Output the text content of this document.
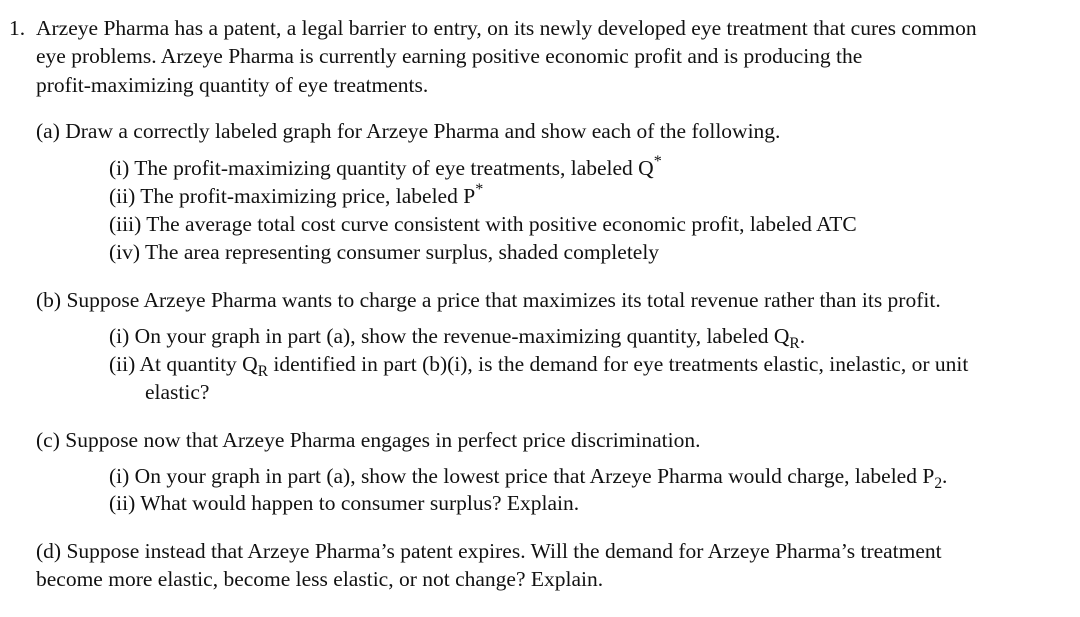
1. Arzeye Pharma has a patent, a legal barrier to entry, on its newly developed eye treatment that cures common
eye problems. Arzeye Pharma is currently earning positive economic profit and is producing the
profit-maximizing quantity of eye treatments.
(a) Draw a correctly labeled graph for Arzeye Pharma and show each of the following.
(i) The profit-maximizing quantity of eye treatments, labeled Q*
(ii) The profit-maximizing price, labeled P*
(iii) The average total cost curve consistent with positive economic profit, labeled ATC
(iv) The area representing consumer surplus, shaded completely
(b) Suppose Arzeye Pharma wants to charge a price that maximizes its total revenue rather than its profit.
(i) On your graph in part (a), show the revenue-maximizing quantity, labeled $Q_R$.
(ii) At quantity $Q_R$ identified in part (b)(i), is the demand for eye treatments elastic, inelastic, or unit
elastic?
(c) Suppose now that Arzeye Pharma engages in perfect price discrimination.
(i) On your graph in part (a), show the lowest price that Arzeye Pharma would charge, labeled $P_2$.
(ii) What would happen to consumer surplus? Explain.
(d) Suppose instead that Arzeye Pharma’s patent expires. Will the demand for Arzeye Pharma’s treatment
become more elastic, become less elastic, or not change? Explain.
